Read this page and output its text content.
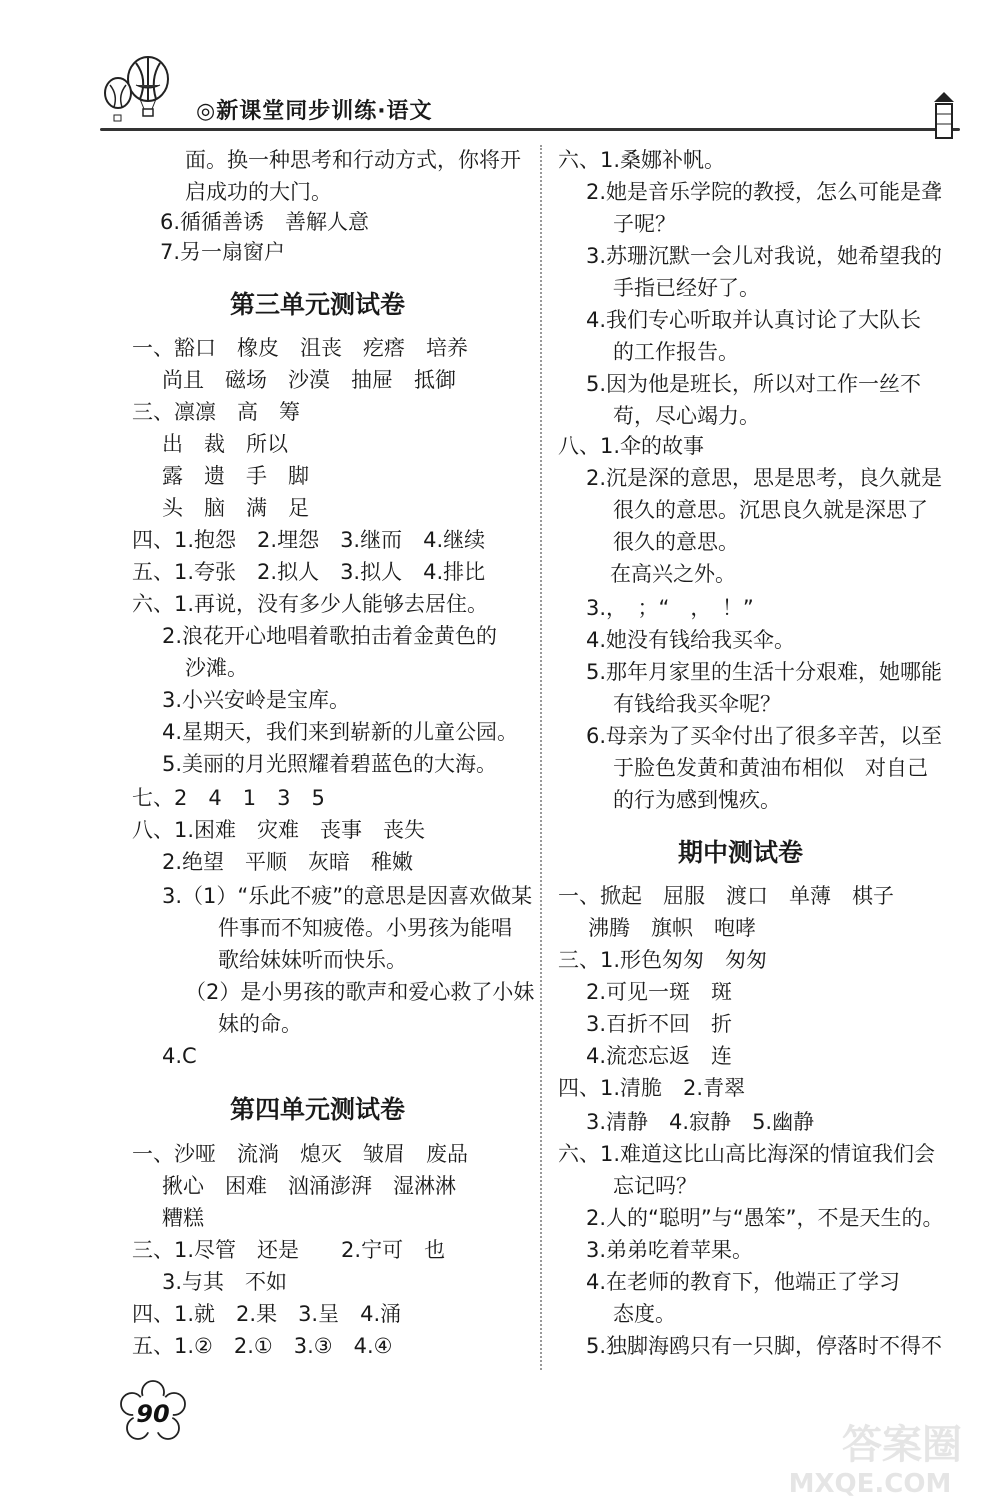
◎新课堂同步训练·语文
面。换一种思考和行动方式，你将开
启成功的大门。
6.循循善诱　善解人意
7.另一扇窗户
第三单元测试卷
一、豁口　橡皮　沮丧　疙瘩　培养
尚且　磁场　沙漠　抽屉　抵御
三、凛凛　高　筹
出　裁　所以
露　遗　手　脚
头　脑　满　足
四、1.抱怨　2.埋怨　3.继而　4.继续
五、1.夸张　2.拟人　3.拟人　4.排比
六、1.再说，没有多少人能够去居住。
2.浪花开心地唱着歌拍击着金黄色的
沙滩。
3.小兴安岭是宝库。
4.星期天，我们来到崭新的儿童公园。
5.美丽的月光照耀着碧蓝色的大海。
七、2　4　1　3　5
八、1.困难　灾难　丧事　丧失
2.绝望　平顺　灰暗　稚嫩
3.（1）“乐此不疲”的意思是因喜欢做某
件事而不知疲倦。小男孩为能唱
歌给妹妹听而快乐。
（2）是小男孩的歌声和爱心救了小妹
妹的命。
4.C
第四单元测试卷
一、沙哑　流淌　熄灭　皱眉　废品
揪心　困难　汹涌澎湃　湿淋淋
糟糕
三、1.尽管　还是　　2.宁可　也
3.与其　不如
四、1.就　2.果　3.呈　4.涌
五、1.②　2.①　3.③　4.④
六、1.桑娜补帆。
2.她是音乐学院的教授，怎么可能是聋
子呢？
3.苏珊沉默一会儿对我说，她希望我的
手指已经好了。
4.我们专心听取并认真讨论了大队长
的工作报告。
5.因为他是班长，所以对工作一丝不
苟，尽心竭力。
八、1.伞的故事
2.沉是深的意思，思是思考，良久就是
很久的意思。沉思良久就是深思了
很久的意思。
在高兴之外。
3.，　；“　，　！”
4.她没有钱给我买伞。
5.那年月家里的生活十分艰难，她哪能
有钱给我买伞呢？
6.母亲为了买伞付出了很多辛苦，以至
于脸色发黄和黄油布相似　对自己
的行为感到愧疚。
期中测试卷
一、掀起　屈服　渡口　单薄　棋子
沸腾　旗帜　咆哮
三、1.形色匆匆　匆匆
2.可见一斑　斑
3.百折不回　折
4.流恋忘返　连
四、1.清脆　2.青翠
3.清静　4.寂静　5.幽静
六、1.难道这比山高比海深的情谊我们会
忘记吗？
2.人的“聪明”与“愚笨”，不是天生的。
3.弟弟吃着苹果。
4.在老师的教育下，他端正了学习
态度。
5.独脚海鸥只有一只脚，停落时不得不
90
答案圈
MXQE.COM
